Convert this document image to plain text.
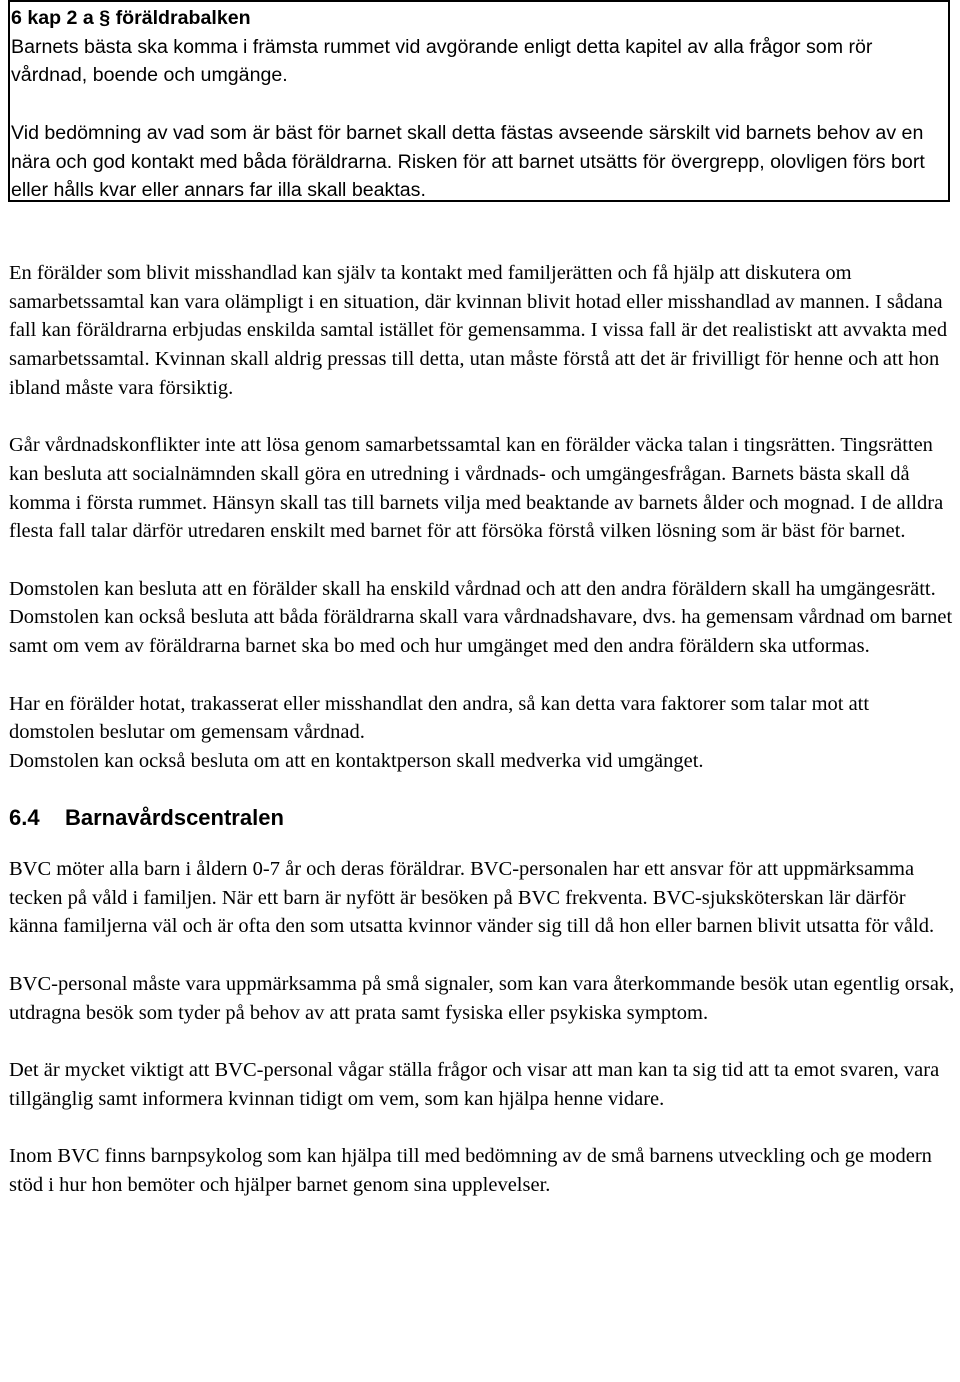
6 kap 2 a § föräldrabalken

Barnets bästa ska komma i främsta rummet vid avgörande enligt detta kapitel av alla frågor som rör vårdnad, boende och umgänge.

Vid bedömning av vad som är bäst för barnet skall detta fästas avseende särskilt vid barnets behov av en nära och god kontakt med båda föräldrarna. Risken för att barnet utsätts för övergrepp, olovligen förs bort eller hålls kvar eller annars far illa skall beaktas.

En förälder som blivit misshandlad kan själv ta kontakt med familjerätten och få hjälp att diskutera om samarbetssamtal kan vara olämpligt i en situation, där kvinnan blivit hotad eller misshandlad av mannen. I sådana fall kan föräldrarna erbjudas enskilda samtal istället för gemensamma. I vissa fall är det realistiskt att avvakta med samarbetssamtal. Kvinnan skall aldrig pressas till detta, utan måste förstå att det är frivilligt för henne och att hon ibland måste vara försiktig.

Går vårdnadskonflikter inte att lösa genom samarbetssamtal kan en förälder väcka talan i tingsrätten. Tingsrätten kan besluta att socialnämnden skall göra en utredning i vårdnads- och umgängesfrågan. Barnets bästa skall då komma i första rummet. Hänsyn skall tas till barnets vilja med beaktande av barnets ålder och mognad. I de alldra flesta fall talar därför utredaren enskilt med barnet för att försöka förstå vilken lösning som är bäst för barnet.

Domstolen kan besluta att en förälder skall ha enskild vårdnad och att den andra föräldern skall ha umgängesrätt. Domstolen kan också besluta att båda föräldrarna skall vara vårdnadshavare, dvs. ha gemensam vårdnad om barnet samt om vem av föräldrarna barnet ska bo med och hur umgänget med den andra föräldern ska utformas.

Har en förälder hotat, trakasserat eller misshandlat den andra, så kan detta vara faktorer som talar mot att domstolen beslutar om gemensam vårdnad.

Domstolen kan också besluta om att en kontaktperson skall medverka vid umgänget.

6.4 Barnavårdscentralen

BVC möter alla barn i åldern 0-7 år och deras föräldrar. BVC-personalen har ett ansvar för att uppmärksamma tecken på våld i familjen. När ett barn är nyfött är besöken på BVC frekventa. BVC-sjuksköterskan lär därför känna familjerna väl och är ofta den som utsatta kvinnor vänder sig till då hon eller barnen blivit utsatta för våld.

BVC-personal måste vara uppmärksamma på små signaler, som kan vara återkommande besök utan egentlig orsak, utdragna besök som tyder på behov av att prata samt fysiska eller psykiska symptom.

Det är mycket viktigt att BVC-personal vågar ställa frågor och visar att man kan ta sig tid att ta emot svaren, vara tillgänglig samt informera kvinnan tidigt om vem, som kan hjälpa henne vidare.

Inom BVC finns barnpsykolog som kan hjälpa till med bedömning av de små barnens utveckling och ge modern stöd i hur hon bemöter och hjälper barnet genom sina upplevelser.
